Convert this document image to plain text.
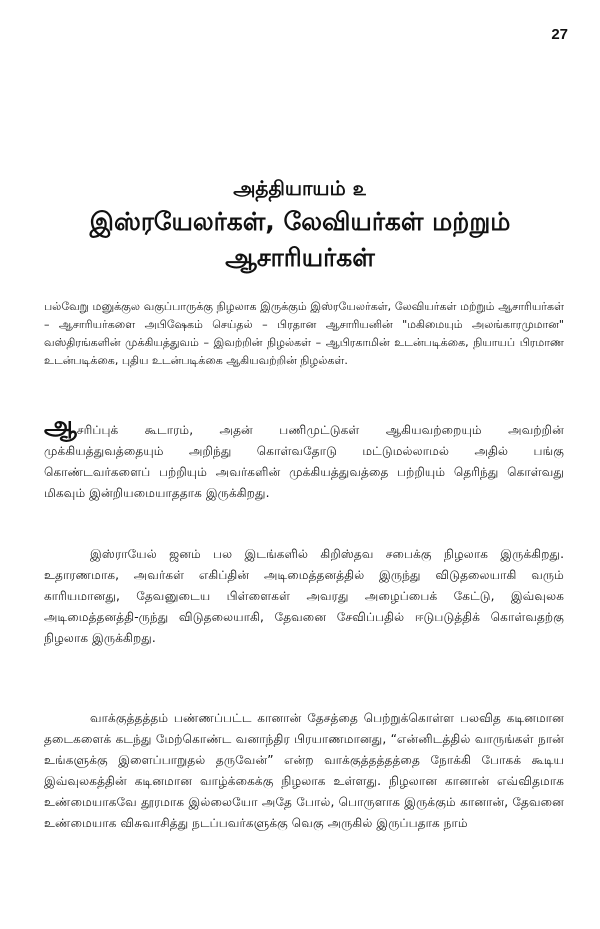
27
அத்தியாயம் ௨
இஸ்ரயேலர்கள், லேவியர்கள் மற்றும் ஆசாரியர்கள்
பல்வேறு மனுக்குல வகுப்பாருக்கு நிழலாக இருக்கும் இஸ்ரயேலர்கள், லேவியர்கள் மற்றும் ஆசாரியர்கள் – ஆசாரியர்களை அபிஷேகம் செய்தல் – பிரதான ஆசாரியனின் "மகிமையும் அலங்காரமுமான" வஸ்திரங்களின் முக்கியத்துவம் – இவற்றின் நிழல்கள் – ஆபிரகாமின் உடன்படிக்கை, நியாயப் பிரமாண உடன்படிக்கை, புதிய உடன்படிக்கை ஆகியவற்றின் நிழல்கள்.
ஆசரிப்புக் கூடாரம், அதன் பணிமுட்டுகள் ஆகியவற்றையும் அவற்றின் முக்கியத்துவத்தையும் அறிந்து கொள்வதோடு மட்டுமல்லாமல் அதில் பங்கு கொண்டவர்களைப் பற்றியும் அவர்களின் முக்கியத்துவத்தை பற்றியும் தெரிந்து கொள்வது மிகவும் இன்றியமையாததாக இருக்கிறது.
இஸ்ராயேல் ஜனம் பல இடங்களில் கிறிஸ்தவ சபைக்கு நிழலாக இருக்கிறது. உதாரணமாக, அவர்கள் எகிப்தின் அடிமைத்தனத்தில் இருந்து விடுதலையாகி வரும் காரியமானது, தேவனுடைய பிள்ளைகள் அவரது அழைப்பைக் கேட்டு, இவ்வுலக அடிமைத்தனத்தி-ருந்து விடுதலையாகி, தேவனை சேவிப்பதில் ஈடுபடுத்திக் கொள்வதற்கு நிழலாக இருக்கிறது.
வாக்குத்தத்தம் பண்ணப்பட்ட கானான் தேசத்தை பெற்றுக்கொள்ள பலவித கடினமான தடைகளைக் கடந்து மேற்கொண்ட வனாந்திர பிரயாணமானது, “என்னிடத்தில் வாருங்கள் நான் உங்களுக்கு இளைப்பாறுதல் தருவேன்” என்ற வாக்குத்தத்தத்தை நோக்கி போகக் கூடிய இவ்வுலகத்தின் கடினமான வாழ்க்கைக்கு நிழலாக உள்ளது. நிழலான கானான் எவ்விதமாக உண்மையாகவே தூரமாக இல்லையோ அதே போல், பொருளாக இருக்கும் கானான், தேவனை உண்மையாக விசுவாசித்து நடப்பவர்களுக்கு வெகு அருகில் இருப்பதாக நாம்
